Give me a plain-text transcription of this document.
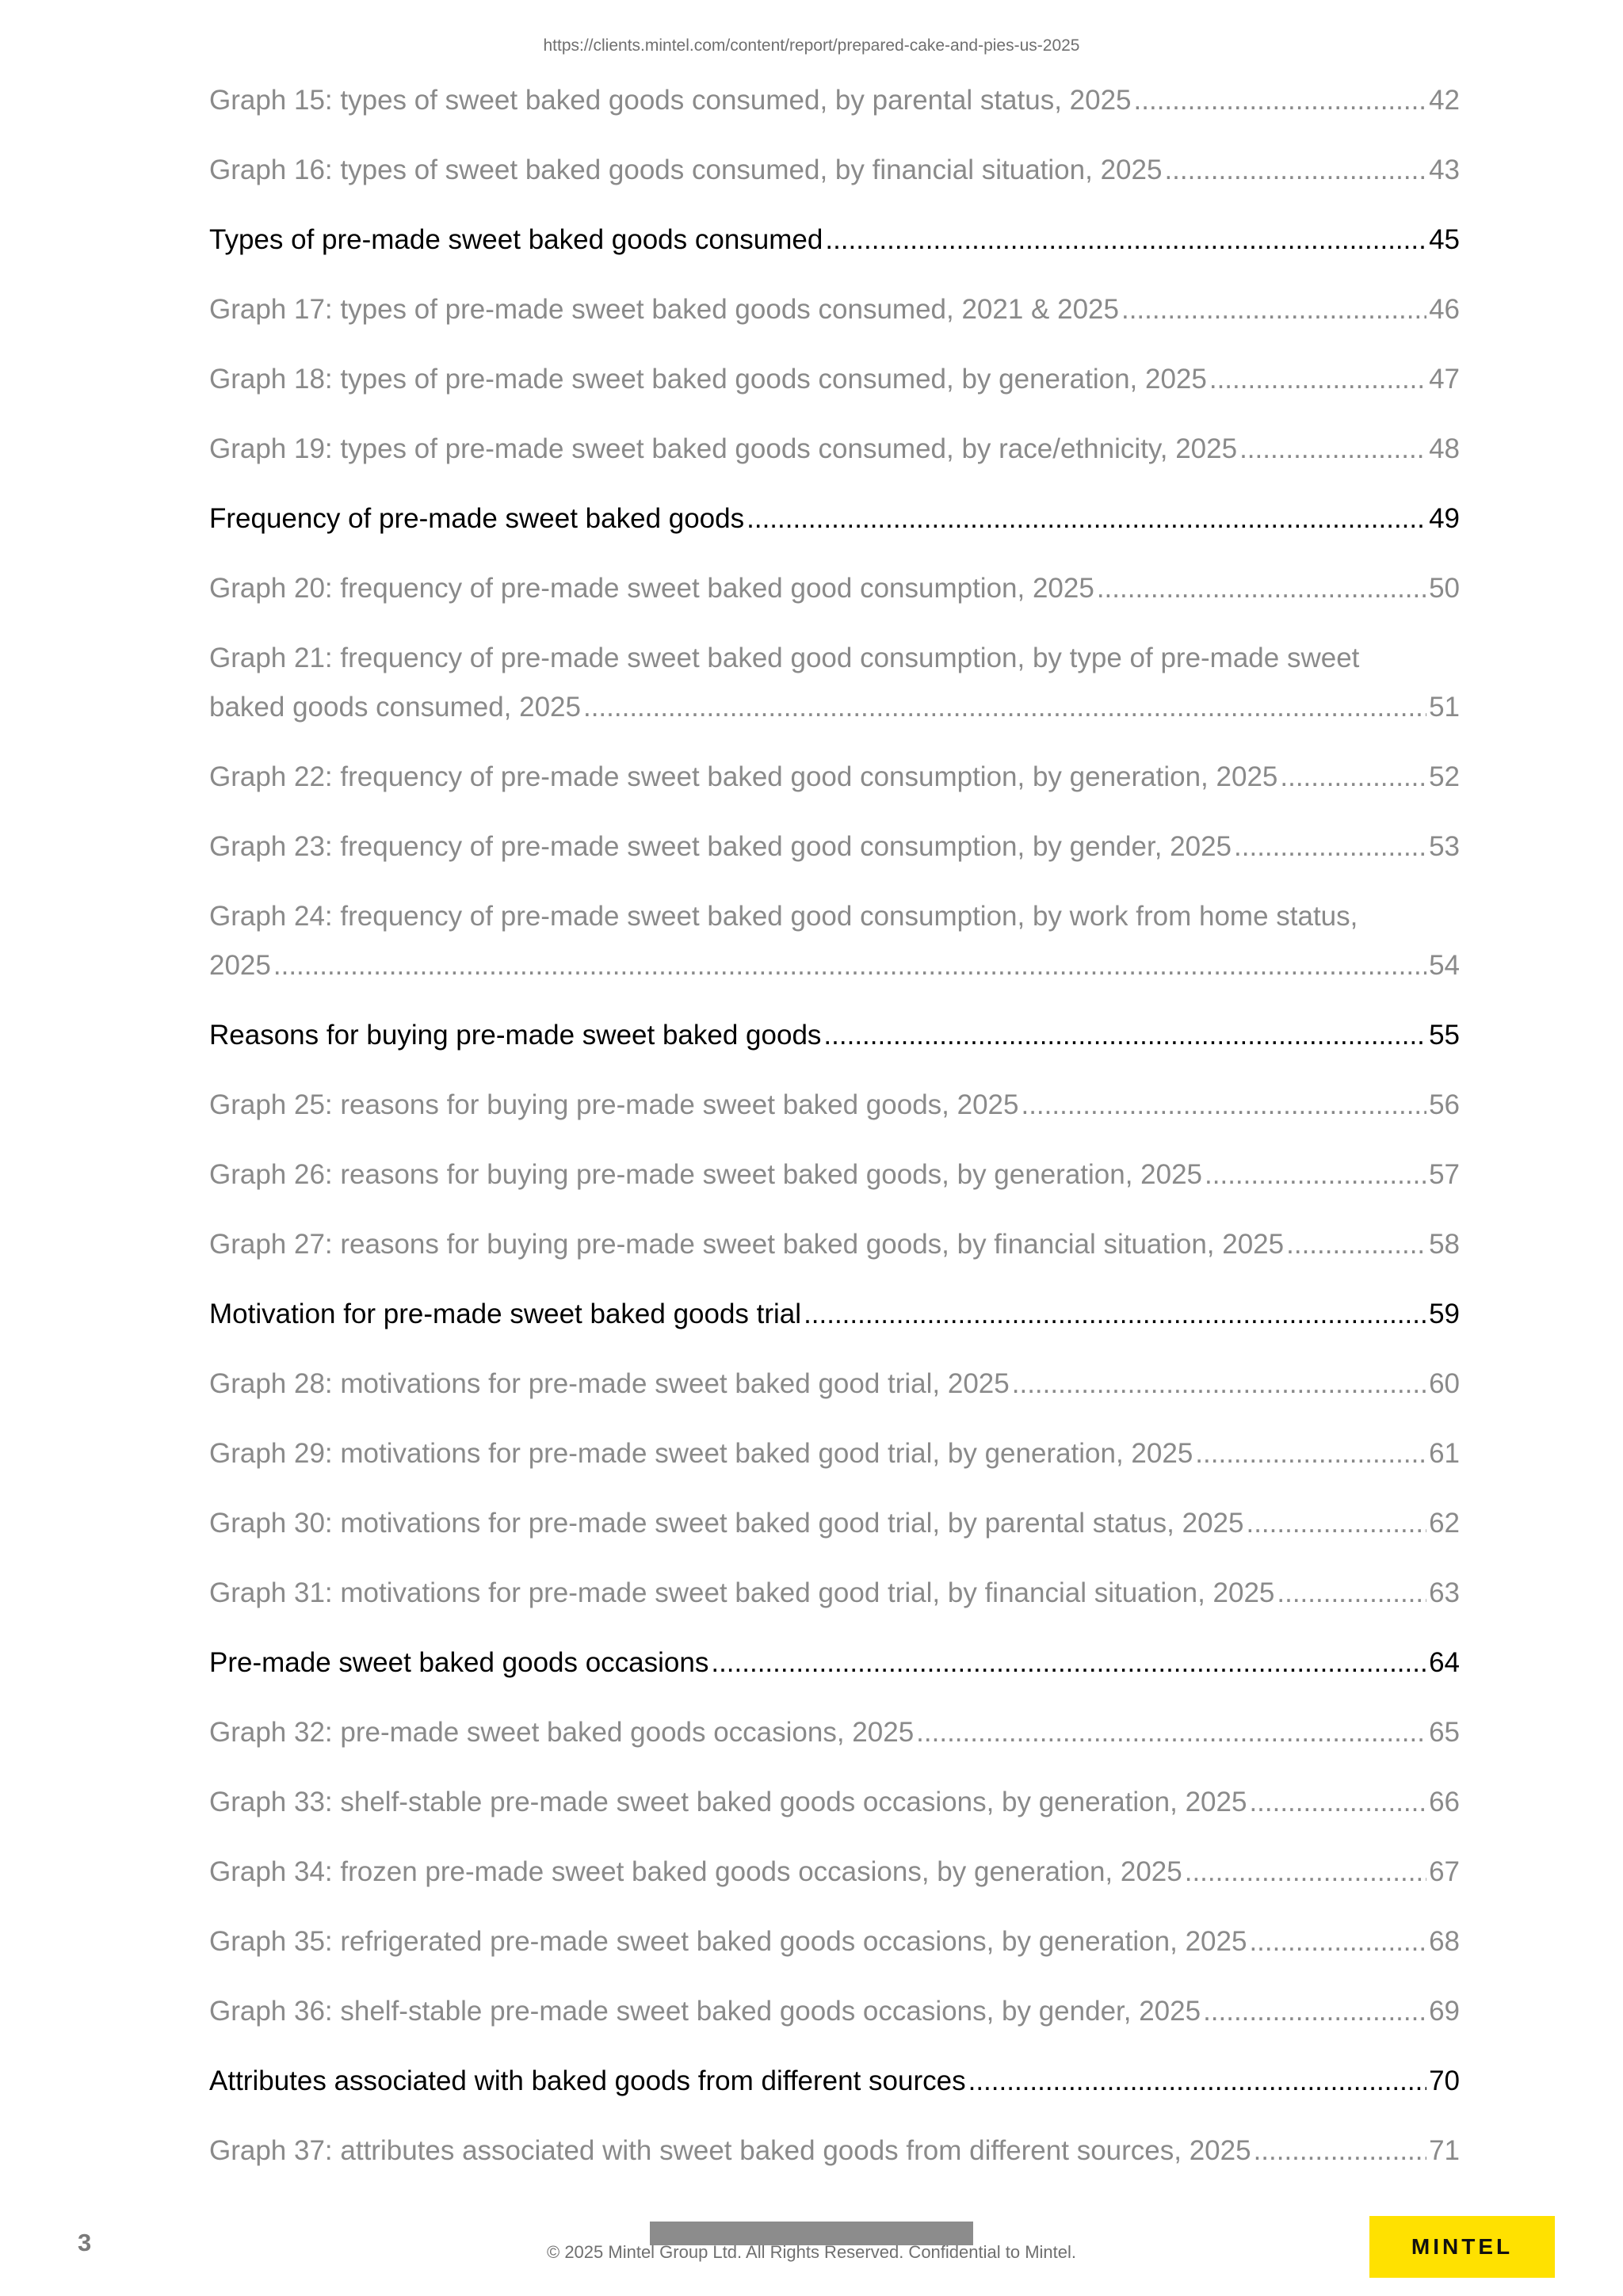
https://clients.mintel.com/content/report/prepared-cake-and-pies-us-2025
Graph 15: types of sweet baked goods consumed, by parental status, 2025 .....	42
Graph 16: types of sweet baked goods consumed, by financial situation, 2025 .....	43
Types of pre-made sweet baked goods consumed .....	45
Graph 17: types of pre-made sweet baked goods consumed, 2021 & 2025 .....	46
Graph 18: types of pre-made sweet baked goods consumed, by generation, 2025 .....	47
Graph 19: types of pre-made sweet baked goods consumed, by race/ethnicity, 2025 .....	48
Frequency of pre-made sweet baked goods .....	49
Graph 20: frequency of pre-made sweet baked good consumption, 2025 .....	50
Graph 21: frequency of pre-made sweet baked good consumption, by type of pre-made sweet
baked goods consumed, 2025 .....	51
Graph 22: frequency of pre-made sweet baked good consumption, by generation, 2025 .....	52
Graph 23: frequency of pre-made sweet baked good consumption, by gender, 2025 .....	53
Graph 24: frequency of pre-made sweet baked good consumption, by work from home status,
2025 .....	54
Reasons for buying pre-made sweet baked goods .....	55
Graph 25: reasons for buying pre-made sweet baked goods, 2025 .....	56
Graph 26: reasons for buying pre-made sweet baked goods, by generation, 2025 .....	57
Graph 27: reasons for buying pre-made sweet baked goods, by financial situation, 2025 .....	58
Motivation for pre-made sweet baked goods trial .....	59
Graph 28: motivations for pre-made sweet baked good trial, 2025 .....	60
Graph 29: motivations for pre-made sweet baked good trial, by generation, 2025 .....	61
Graph 30: motivations for pre-made sweet baked good trial, by parental status, 2025 .....	62
Graph 31: motivations for pre-made sweet baked good trial, by financial situation, 2025 .....	63
Pre-made sweet baked goods occasions .....	64
Graph 32: pre-made sweet baked goods occasions, 2025 .....	65
Graph 33: shelf-stable pre-made sweet baked goods occasions, by generation, 2025 .....	66
Graph 34: frozen pre-made sweet baked goods occasions, by generation, 2025 .....	67
Graph 35: refrigerated pre-made sweet baked goods occasions, by generation, 2025 .....	68
Graph 36: shelf-stable pre-made sweet baked goods occasions, by gender, 2025 .....	69
Attributes associated with baked goods from different sources .....	70
Graph 37: attributes associated with sweet baked goods from different sources, 2025 .....	71
3	© 2025 Mintel Group Ltd. All Rights Reserved. Confidential to Mintel.	MINTEL
